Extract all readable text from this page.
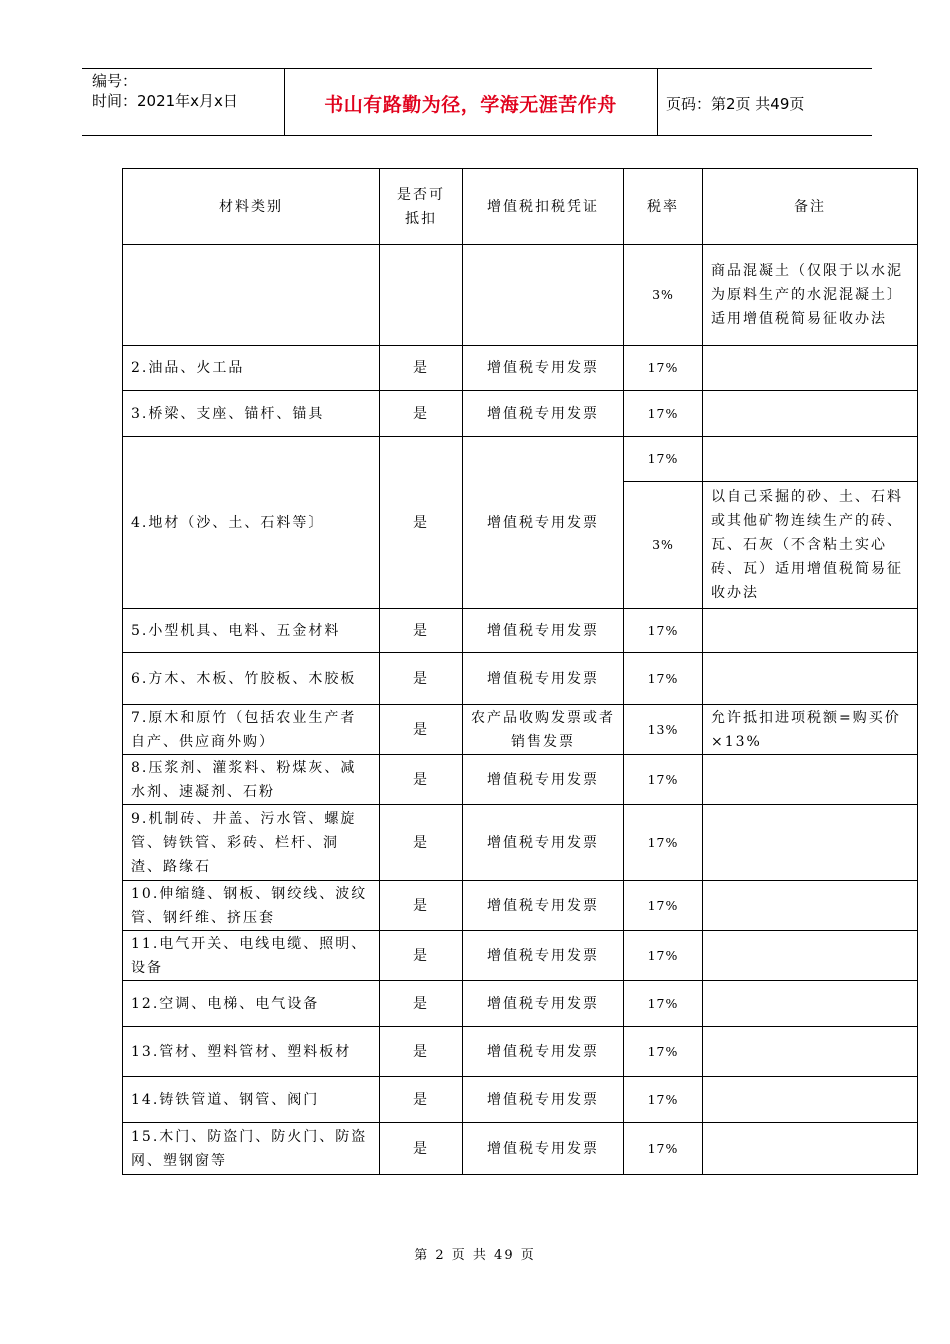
编号：
时间：2021年x月x日	书山有路勤为径，学海无涯苦作舟	页码：第2页 共49页
材料类别	是否可抵扣	增值税扣税凭证	税率	备注
			3%	商品混凝土（仅限于以水泥为原料生产的水泥混凝土〕适用增值税简易征收办法
2.油品、火工品	是	增值税专用发票	17%	
3.桥梁、支座、锚杆、锚具	是	增值税专用发票	17%	
4.地材（沙、土、石料等〕	是	增值税专用发票	17%	
			3%	以自己采掘的砂、土、石料或其他矿物连续生产的砖、瓦、石灰（不含粘土实心砖、瓦）适用增值税简易征收办法
5.小型机具、电料、五金材料	是	增值税专用发票	17%	
6.方木、木板、竹胶板、木胶板	是	增值税专用发票	17%	
7.原木和原竹（包括农业生产者自产、供应商外购）	是	农产品收购发票或者销售发票	13%	允许抵扣进项税额=购买价×13%
8.压浆剂、灌浆料、粉煤灰、减水剂、速凝剂、石粉	是	增值税专用发票	17%	
9.机制砖、井盖、污水管、螺旋管、铸铁管、彩砖、栏杆、洞 渣、路缘石	是	增值税专用发票	17%	
10.伸缩缝、钢板、钢绞线、波纹管、钢纤维、挤压套	是	增值税专用发票	17%	
11.电气开关、电线电缆、照明、设备	是	增值税专用发票	17%	
12.空调、电梯、电气设备	是	增值税专用发票	17%	
13.管材、塑料管材、塑料板材	是	增值税专用发票	17%	
14.铸铁管道、钢管、阀门	是	增值税专用发票	17%	
15.木门、防盗门、防火门、防盗网、塑钢窗等	是	增值税专用发票	17%	
第 2 页 共 49 页
